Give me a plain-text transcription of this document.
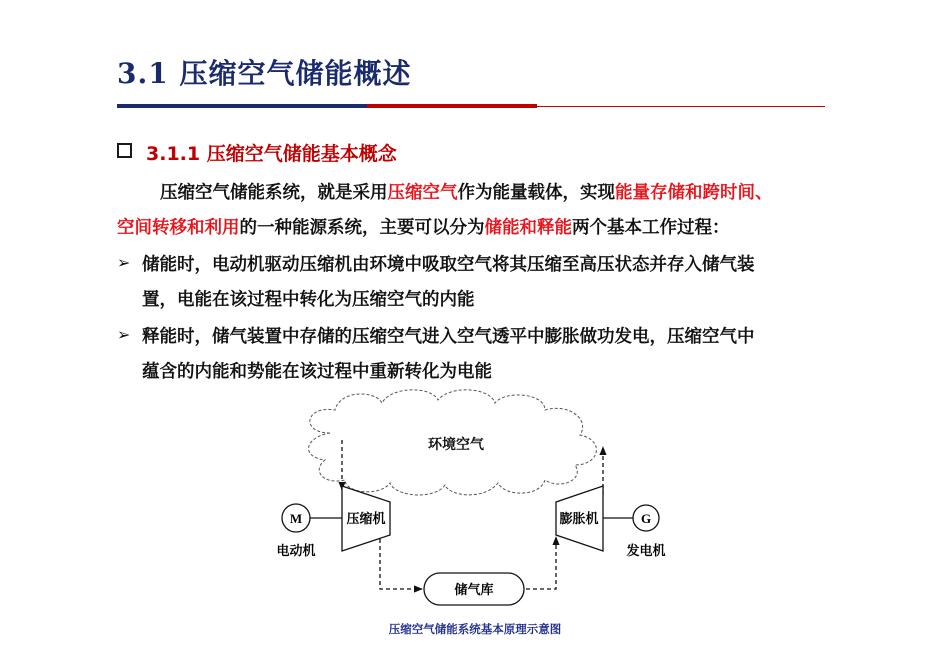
3.1 压缩空气储能概述
3.1.1 压缩空气储能基本概念
压缩空气储能系统，就是采用压缩空气作为能量载体，实现能量存储和跨时间、
空间转移和利用的一种能源系统，主要可以分为储能和释能两个基本工作过程：
➢ 储能时，电动机驱动压缩机由环境中吸取空气将其压缩至高压状态并存入储气装
置，电能在该过程中转化为压缩空气的内能
➢ 释能时，储气装置中存储的压缩空气进入空气透平中膨胀做功发电，压缩空气中
蕴含的内能和势能在该过程中重新转化为电能
环境空气
M
电动机
压缩机	膨胀机	G
发电机
储气库
压缩空气储能系统基本原理示意图
